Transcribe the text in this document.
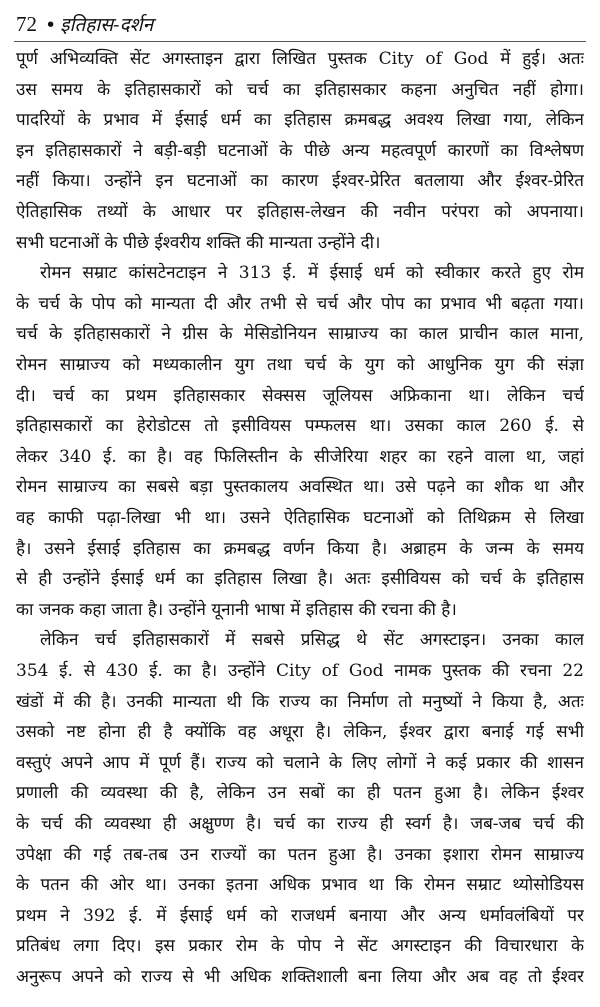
72 • इतिहास-दर्शन
पूर्ण अभिव्यक्ति सेंट अगस्ताइन द्वारा लिखित पुस्तक City of God में हुई। अतः
उस समय के इतिहासकारों को चर्च का इतिहासकार कहना अनुचित नहीं होगा।
पादरियों के प्रभाव में ईसाई धर्म का इतिहास क्रमबद्ध अवश्य लिखा गया, लेकिन
इन इतिहासकारों ने बड़ी-बड़ी घटनाओं के पीछे अन्य महत्वपूर्ण कारणों का विश्लेषण
नहीं किया। उन्होंने इन घटनाओं का कारण ईश्वर-प्रेरित बतलाया और ईश्वर-प्रेरित
ऐतिहासिक तथ्यों के आधार पर इतिहास-लेखन की नवीन परंपरा को अपनाया।
सभी घटनाओं के पीछे ईश्वरीय शक्ति की मान्यता उन्होंने दी।
रोमन सम्राट कांसटेनटाइन ने 313 ई. में ईसाई धर्म को स्वीकार करते हुए रोम
के चर्च के पोप को मान्यता दी और तभी से चर्च और पोप का प्रभाव भी बढ़ता गया।
चर्च के इतिहासकारों ने ग्रीस के मेसिडोनियन साम्राज्य का काल प्राचीन काल माना,
रोमन साम्राज्य को मध्यकालीन युग तथा चर्च के युग को आधुनिक युग की संज्ञा
दी। चर्च का प्रथम इतिहासकार सेक्सस जूलियस अफ्रिकाना था। लेकिन चर्च
इतिहासकारों का हेरोडोटस तो इसीवियस पम्फलस था। उसका काल 260 ई. से
लेकर 340 ई. का है। वह फिलिस्तीन के सीजेरिया शहर का रहने वाला था, जहां
रोमन साम्राज्य का सबसे बड़ा पुस्तकालय अवस्थित था। उसे पढ़ने का शौक था और
वह काफी पढ़ा-लिखा भी था। उसने ऐतिहासिक घटनाओं को तिथिक्रम से लिखा
है। उसने ईसाई इतिहास का क्रमबद्ध वर्णन किया है। अब्राहम के जन्म के समय
से ही उन्होंने ईसाई धर्म का इतिहास लिखा है। अतः इसीवियस को चर्च के इतिहास
का जनक कहा जाता है। उन्होंने यूनानी भाषा में इतिहास की रचना की है।
लेकिन चर्च इतिहासकारों में सबसे प्रसिद्ध थे सेंट अगस्टाइन। उनका काल
354 ई. से 430 ई. का है। उन्होंने City of God नामक पुस्तक की रचना 22
खंडों में की है। उनकी मान्यता थी कि राज्य का निर्माण तो मनुष्यों ने किया है, अतः
उसको नष्ट होना ही है क्योंकि वह अधूरा है। लेकिन, ईश्वर द्वारा बनाई गई सभी
वस्तुएं अपने आप में पूर्ण हैं। राज्य को चलाने के लिए लोगों ने कई प्रकार की शासन
प्रणाली की व्यवस्था की है, लेकिन उन सबों का ही पतन हुआ है। लेकिन ईश्वर
के चर्च की व्यवस्था ही अक्षुण्ण है। चर्च का राज्य ही स्वर्ग है। जब-जब चर्च की
उपेक्षा की गई तब-तब उन राज्यों का पतन हुआ है। उनका इशारा रोमन साम्राज्य
के पतन की ओर था। उनका इतना अधिक प्रभाव था कि रोमन सम्राट थ्योसोडियस
प्रथम ने 392 ई. में ईसाई धर्म को राजधर्म बनाया और अन्य धर्मावलंबियों पर
प्रतिबंध लगा दिए। इस प्रकार रोम के पोप ने सेंट अगस्टाइन की विचारधारा के
अनुरूप अपने को राज्य से भी अधिक शक्तिशाली बना लिया और अब वह तो ईश्वर
